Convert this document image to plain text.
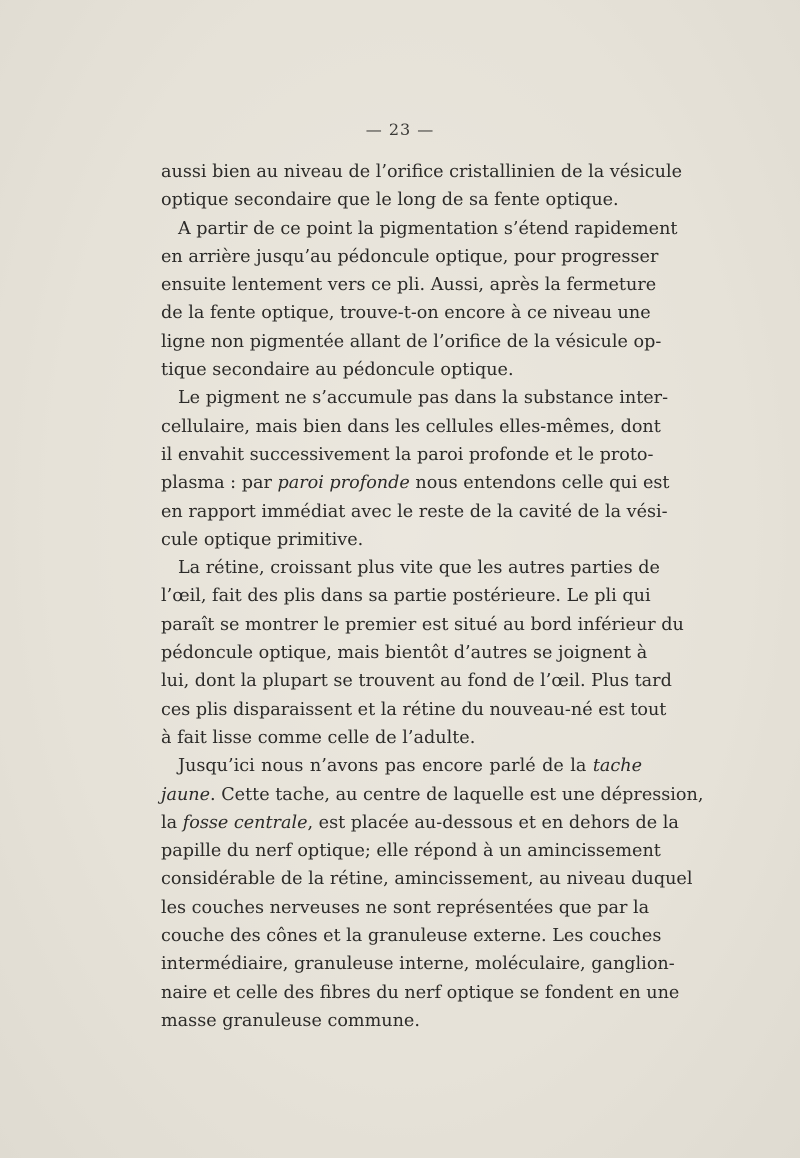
— 23 —
aussi bien au niveau de l’orifice cristallinien de la vésicule
optique secondaire que le long de sa fente optique.
A partir de ce point la pigmentation s’étend rapidement
en arrière jusqu’au pédoncule optique, pour progresser
ensuite lentement vers ce pli. Aussi, après la fermeture
de la fente optique, trouve-t-on encore à ce niveau une
ligne non pigmentée allant de l’orifice de la vésicule op-
tique secondaire au pédoncule optique.
Le pigment ne s’accumule pas dans la substance inter-
cellulaire, mais bien dans les cellules elles-mêmes, dont
il envahit successivement la paroi profonde et le proto-
plasma : par paroi profonde nous entendons celle qui est
en rapport immédiat avec le reste de la cavité de la vési-
cule optique primitive.
La rétine, croissant plus vite que les autres parties de
l’œil, fait des plis dans sa partie postérieure. Le pli qui
paraît se montrer le premier est situé au bord inférieur du
pédoncule optique, mais bientôt d’autres se joignent à
lui, dont la plupart se trouvent au fond de l’œil. Plus tard
ces plis disparaissent et la rétine du nouveau-né est tout
à fait lisse comme celle de l’adulte.
Jusqu’ici nous n’avons pas encore parlé de la tache
jaune. Cette tache, au centre de laquelle est une dépression,
la fosse centrale, est placée au-dessous et en dehors de la
papille du nerf optique; elle répond à un amincissement
considérable de la rétine, amincissement, au niveau duquel
les couches nerveuses ne sont représentées que par la
couche des cônes et la granuleuse externe. Les couches
intermédiaire, granuleuse interne, moléculaire, ganglion-
naire et celle des fibres du nerf optique se fondent en une
masse granuleuse commune.
